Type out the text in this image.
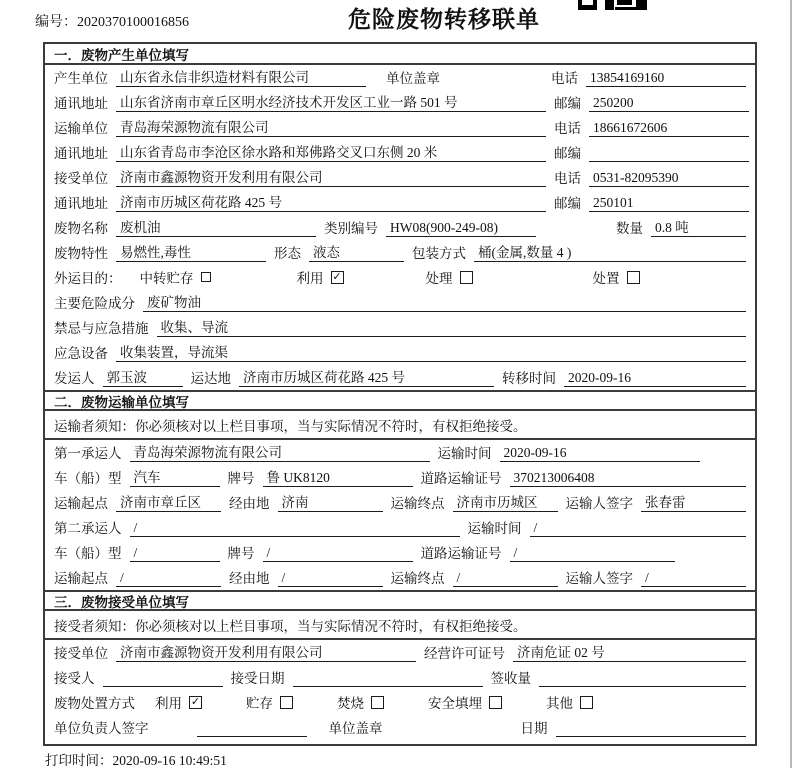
编号：2020370100016856	危险废物转移联单
一．废物产生单位填写
产生单位 山东省永信非织造材料有限公司	单位盖章	电话 13854169160
通讯地址 山东省济南市章丘区明水经济技术开发区工业一路 501 号	邮编 250200
运输单位 青岛海荣源物流有限公司	电话 18661672606
通讯地址 山东省青岛市李沧区徐水路和郑佛路交叉口东侧 20 米	邮编
接受单位 济南市鑫源物资开发利用有限公司	电话 0531-82095390
通讯地址 济南市历城区荷花路 425 号	邮编 250101
废物名称 废机油	类别编号 HW08(900-249-08)	数量 0.8 吨
废物特性 易燃性,毒性	形态 液态	包装方式 桶(金属,数量 4 )
外运目的： 中转贮存	利用 ✓	处理	处置
主要危险成分 废矿物油
禁忌与应急措施 收集、导流
应急设备 收集装置，导流渠
发运人 郭玉波	运达地 济南市历城区荷花路 425 号	转移时间 2020-09-16
二．废物运输单位填写
运输者须知：你必须核对以上栏目事项，当与实际情况不符时，有权拒绝接受。
第一承运人 青岛海荣源物流有限公司	运输时间 2020-09-16
车（船）型 汽车	牌号 鲁 UK8120	道路运输证号 370213006408
运输起点 济南市章丘区	经由地 济南	运输终点 济南市历城区	运输人签字 张春雷
第二承运人 /	运输时间 /
车（船）型 /	牌号 /	道路运输证号 /
运输起点 /	经由地 /	运输终点 /	运输人签字 /
三．废物接受单位填写
接受者须知：你必须核对以上栏目事项，当与实际情况不符时，有权拒绝接受。
接受单位 济南市鑫源物资开发利用有限公司	经营许可证号 济南危证 02 号
接受人	接受日期	签收量
废物处置方式 利用 ✓	贮存	焚烧	安全填埋	其他
单位负责人签字	单位盖章	日期
打印时间：2020-09-16 10:49:51
